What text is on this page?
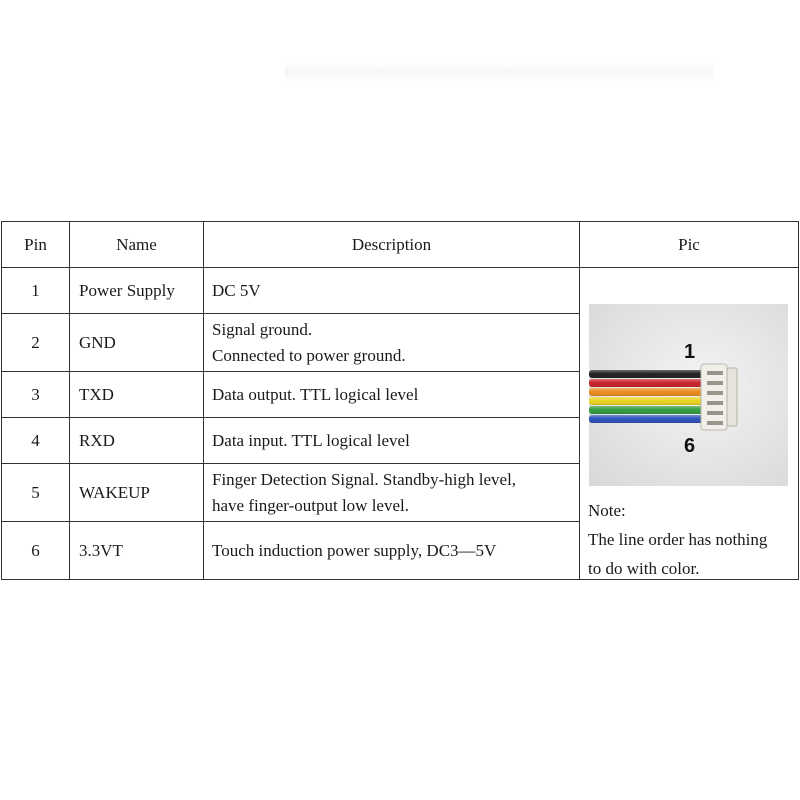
Pin	Name	Description	Pic
1	Power Supply	DC 5V	1
6
Note:
The line order has nothing
to do with color.

2	GND	Signal ground.
Connected to power ground.	

3	TXD	Data output. TTL logical level	
4	RXD	Data input. TTL logical level	
5	WAKEUP	Finger Detection Signal. Standby-high level,
have finger-output low level.	

6	3.3VT	Touch induction power supply, DC3—5V	
